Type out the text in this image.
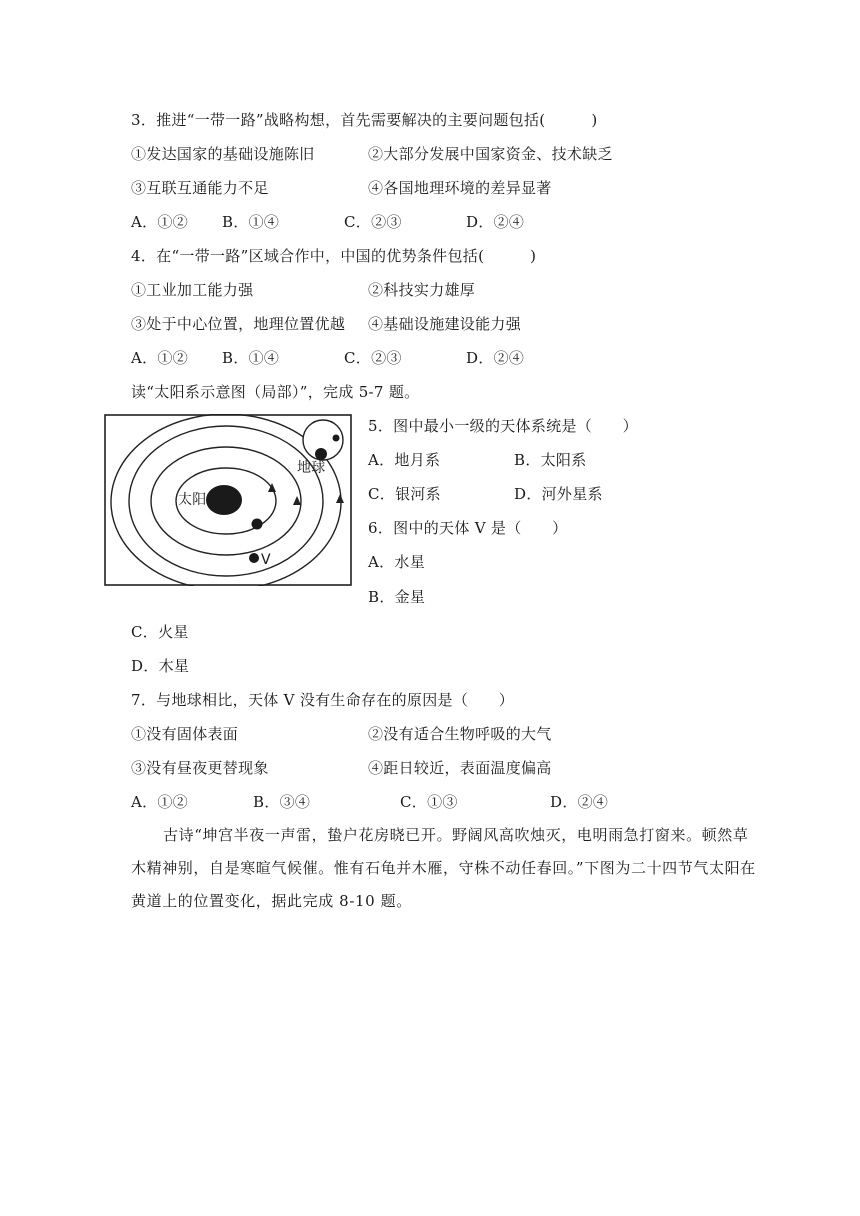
3．推进“一带一路”战略构想，首先需要解决的主要问题包括(　　　)
①发达国家的基础设施陈旧	②大部分发展中国家资金、技术缺乏
③互联互通能力不足	④各国地理环境的差异显著
A．①② B．①④	C．②③	D．②④
4．在“一带一路”区域合作中，中国的优势条件包括(　　　)
①工业加工能力强	②科技实力雄厚
③处于中心位置，地理位置优越 ④基础设施建设能力强
A．①② B．①④	C．②③	D．②④
读“太阳系示意图（局部）”，完成 5-7 题。
太阳
地球
V
5．图中最小一级的天体系统是（　　）
A．地月系	B．太阳系
C．银河系	D．河外星系
6．图中的天体 V 是（　　）
A．水星
B．金星
C．火星
D．木星
7．与地球相比，天体 V 没有生命存在的原因是（　　）
①没有固体表面	②没有适合生物呼吸的大气
③没有昼夜更替现象	④距日较近，表面温度偏高
A．①②	B．③④	C．①③	D．②④

古诗“坤宫半夜一声雷，蛰户花房晓已开。野阔风高吹烛灭，电明雨急打窗来。顿然草木精神别，自是寒暄气候催。惟有石龟并木雁，守株不动任春回。”下图为二十四节气太阳在黄道上的位置变化，据此完成 8-10 题。
